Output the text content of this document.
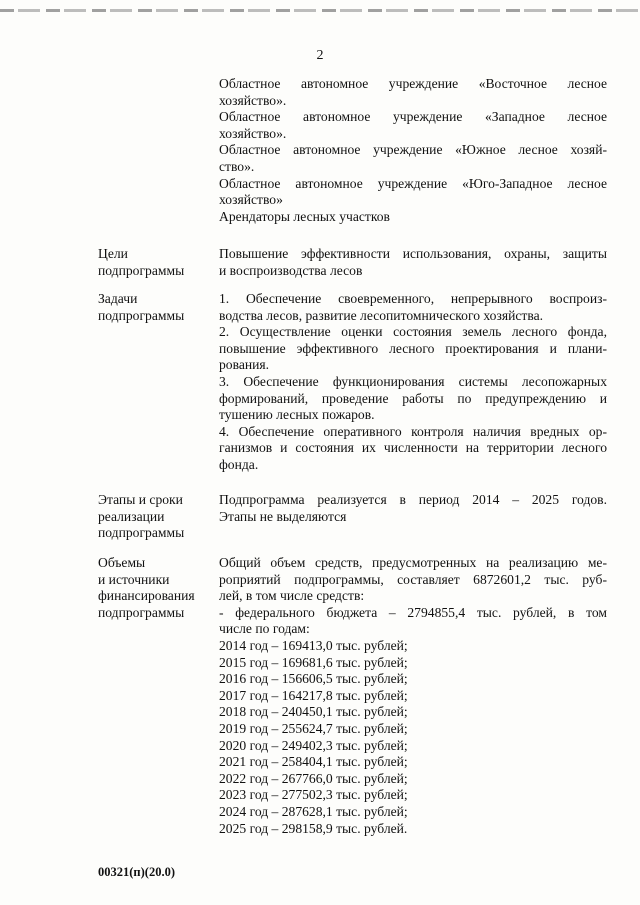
2
Областное автономное учреждение «Восточное лесное
хозяйство».
Областное автономное учреждение «Западное лесное
хозяйство».
Областное автономное учреждение «Южное лесное хозяй-
ство».
Областное автономное учреждение «Юго-Западное лесное
хозяйство»
Арендаторы лесных участков
Цели
подпрограммы
Повышение эффективности использования, охраны, защиты
и воспроизводства лесов
Задачи
подпрограммы
1. Обеспечение своевременного, непрерывного воспроиз-
водства лесов, развитие лесопитомнического хозяйства.
2. Осуществление оценки состояния земель лесного фонда,
повышение эффективного лесного проектирования и плани-
рования.
3. Обеспечение функционирования системы лесопожарных
формирований, проведение работы по предупреждению и
тушению лесных пожаров.
4. Обеспечение оперативного контроля наличия вредных ор-
ганизмов и состояния их численности на территории лесного
фонда.
Этапы и сроки
реализации
подпрограммы
Подпрограмма реализуется в период 2014 – 2025 годов.
Этапы не выделяются
Объемы
и источники
финансирования
подпрограммы
Общий объем средств, предусмотренных на реализацию ме-
роприятий подпрограммы, составляет 6872601,2 тыс. руб-
лей, в том числе средств:
- федерального бюджета – 2794855,4 тыс. рублей, в том
числе по годам:
2014 год – 169413,0 тыс. рублей;
2015 год – 169681,6 тыс. рублей;
2016 год – 156606,5 тыс. рублей;
2017 год – 164217,8 тыс. рублей;
2018 год – 240450,1 тыс. рублей;
2019 год – 255624,7 тыс. рублей;
2020 год – 249402,3 тыс. рублей;
2021 год – 258404,1 тыс. рублей;
2022 год – 267766,0 тыс. рублей;
2023 год – 277502,3 тыс. рублей;
2024 год – 287628,1 тыс. рублей;
2025 год – 298158,9 тыс. рублей.
00321(п)(20.0)
